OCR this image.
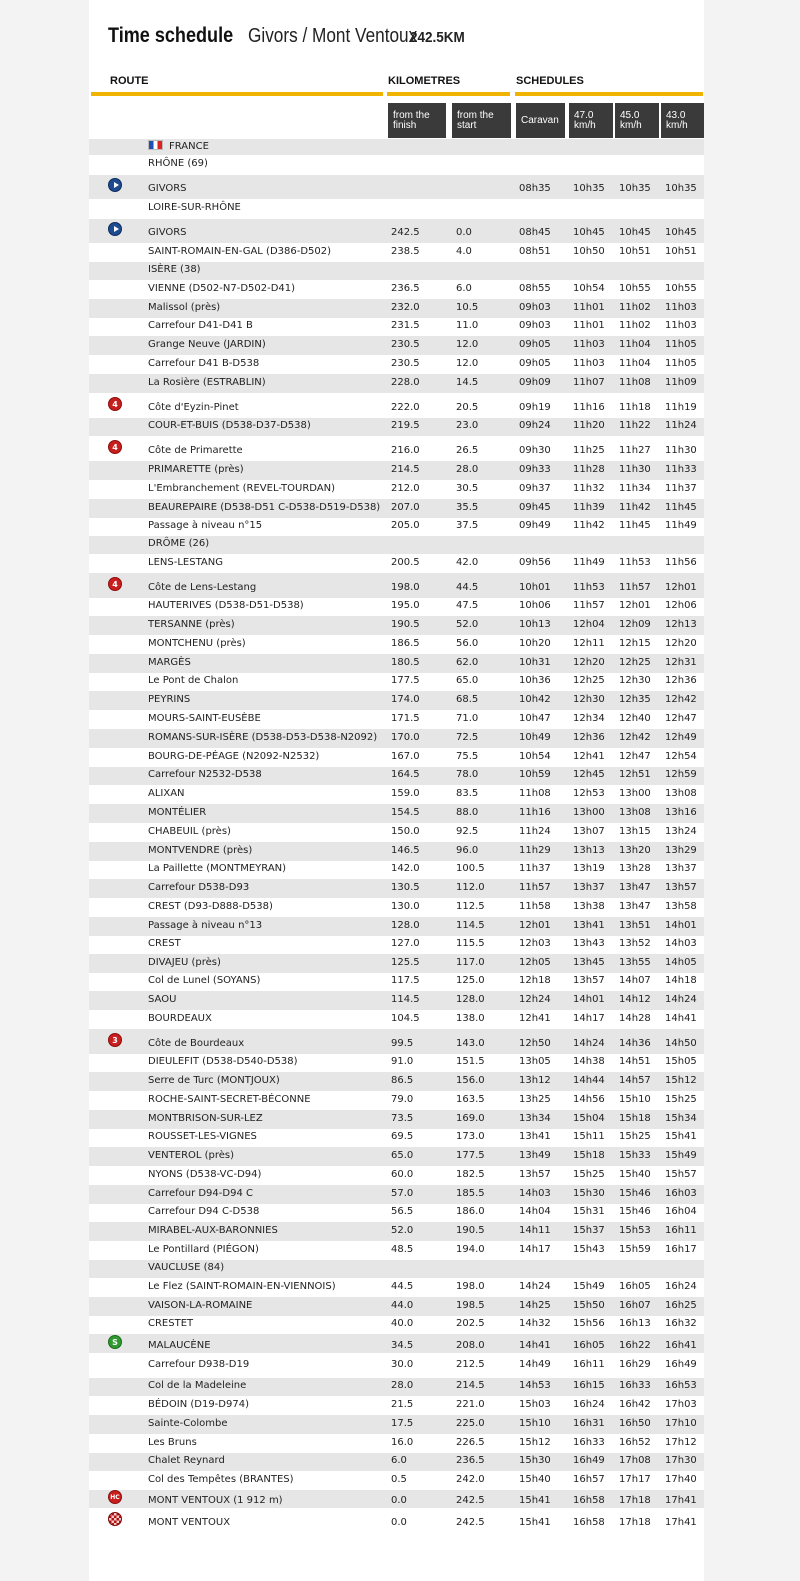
Time schedule Givors / Mont Ventoux
242.5KM
ROUTE	KILOMETRES	SCHEDULES
from the
finish
from the
start	Caravan	47.0
km/h
45.0
km/h
43.0
km/h
FRANCE
RHÔNE (69)
GIVORS	08h35 10h35 10h35 10h35
LOIRE-SUR-RHÔNE
GIVORS	242.5	0.0	08h45 10h45 10h45 10h45
SAINT-ROMAIN-EN-GAL (D386-D502)	238.5	4.0	08h51 10h50 10h51 10h51
ISÈRE (38)
VIENNE (D502-N7-D502-D41)	236.5	6.0	08h55 10h54 10h55 10h55
Malissol (près)	232.0	10.5	09h03 11h01 11h02 11h03
Carrefour D41-D41 B	231.5	11.0	09h03 11h01 11h02 11h03
Grange Neuve (JARDIN)	230.5	12.0	09h05 11h03 11h04 11h05
Carrefour D41 B-D538	230.5	12.0	09h05 11h03 11h04 11h05
La Rosière (ESTRABLIN)	228.0	14.5	09h09 11h07 11h08 11h09
4	Côte d'Eyzin-Pinet	222.0	20.5	09h19 11h16 11h18 11h19
COUR-ET-BUIS (D538-D37-D538)	219.5	23.0	09h24 11h20 11h22 11h24
4	Côte de Primarette	216.0	26.5	09h30 11h25 11h27 11h30
PRIMARETTE (près)	214.5	28.0	09h33 11h28 11h30 11h33
L'Embranchement (REVEL-TOURDAN)	212.0	30.5	09h37 11h32 11h34 11h37
BEAUREPAIRE (D538-D51 C-D538-D519-D538) 207.0	35.5	09h45 11h39 11h42 11h45
Passage à niveau n°15	205.0	37.5	09h49 11h42 11h45 11h49
DRÔME (26)
LENS-LESTANG	200.5	42.0	09h56 11h49 11h53 11h56
4	Côte de Lens-Lestang	198.0	44.5	10h01 11h53 11h57 12h01
HAUTERIVES (D538-D51-D538)	195.0	47.5	10h06 11h57 12h01 12h06
TERSANNE (près)	190.5	52.0	10h13 12h04 12h09 12h13
MONTCHENU (près)	186.5	56.0	10h20 12h11 12h15 12h20
MARGÈS	180.5	62.0	10h31 12h20 12h25 12h31
Le Pont de Chalon	177.5	65.0	10h36 12h25 12h30 12h36
PEYRINS	174.0	68.5	10h42 12h30 12h35 12h42
MOURS-SAINT-EUSÈBE	171.5	71.0	10h47 12h34 12h40 12h47
ROMANS-SUR-ISÈRE (D538-D53-D538-N2092) 170.0	72.5	10h49 12h36 12h42 12h49
BOURG-DE-PÉAGE (N2092-N2532)	167.0	75.5	10h54 12h41 12h47 12h54
Carrefour N2532-D538	164.5	78.0	10h59 12h45 12h51 12h59
ALIXAN	159.0	83.5	11h08 12h53 13h00 13h08
MONTÉLIER	154.5	88.0	11h16 13h00 13h08 13h16
CHABEUIL (près)	150.0	92.5	11h24 13h07 13h15 13h24
MONTVENDRE (près)	146.5	96.0	11h29 13h13 13h20 13h29
La Paillette (MONTMEYRAN)	142.0	100.5	11h37 13h19 13h28 13h37
Carrefour D538-D93	130.5	112.0	11h57 13h37 13h47 13h57
CREST (D93-D888-D538)	130.0	112.5	11h58 13h38 13h47 13h58
Passage à niveau n°13	128.0	114.5	12h01 13h41 13h51 14h01
CREST	127.0	115.5	12h03 13h43 13h52 14h03
DIVAJEU (près)	125.5	117.0	12h05 13h45 13h55 14h05
Col de Lunel (SOYANS)	117.5	125.0	12h18 13h57 14h07 14h18
SAOU	114.5	128.0	12h24 14h01 14h12 14h24
BOURDEAUX	104.5	138.0	12h41 14h17 14h28 14h41
3	Côte de Bourdeaux	99.5	143.0	12h50 14h24 14h36 14h50
DIEULEFIT (D538-D540-D538)	91.0	151.5	13h05 14h38 14h51 15h05
Serre de Turc (MONTJOUX)	86.5	156.0	13h12 14h44 14h57 15h12
ROCHE-SAINT-SECRET-BÉCONNE	79.0	163.5	13h25 14h56 15h10 15h25
MONTBRISON-SUR-LEZ	73.5	169.0	13h34 15h04 15h18 15h34
ROUSSET-LES-VIGNES	69.5	173.0	13h41 15h11 15h25 15h41
VENTEROL (près)	65.0	177.5	13h49 15h18 15h33 15h49
NYONS (D538-VC-D94)	60.0	182.5	13h57 15h25 15h40 15h57
Carrefour D94-D94 C	57.0	185.5	14h03 15h30 15h46 16h03
Carrefour D94 C-D538	56.5	186.0	14h04 15h31 15h46 16h04
MIRABEL-AUX-BARONNIES	52.0	190.5	14h11 15h37 15h53 16h11
Le Pontillard (PIÉGON)	48.5	194.0	14h17 15h43 15h59 16h17
VAUCLUSE (84)
Le Flez (SAINT-ROMAIN-EN-VIENNOIS)	44.5	198.0	14h24 15h49 16h05 16h24
VAISON-LA-ROMAINE	44.0	198.5	14h25 15h50 16h07 16h25
CRESTET	40.0	202.5	14h32 15h56 16h13 16h32
S	MALAUCÈNE	34.5	208.0	14h41 16h05 16h22 16h41
Carrefour D938-D19	30.0	212.5	14h49 16h11 16h29 16h49
Col de la Madeleine	28.0	214.5	14h53 16h15 16h33 16h53
BÉDOIN (D19-D974)	21.5	221.0	15h03 16h24 16h42 17h03
Sainte-Colombe	17.5	225.0	15h10 16h31 16h50 17h10
Les Bruns	16.0	226.5	15h12 16h33 16h52 17h12
Chalet Reynard	6.0	236.5	15h30 16h49 17h08 17h30
Col des Tempêtes (BRANTES)	0.5	242.0	15h40 16h57 17h17 17h40
HC	MONT VENTOUX (1 912 m)	0.0	242.5	15h41 16h58 17h18 17h41
MONT VENTOUX	0.0	242.5	15h41 16h58 17h18 17h41
